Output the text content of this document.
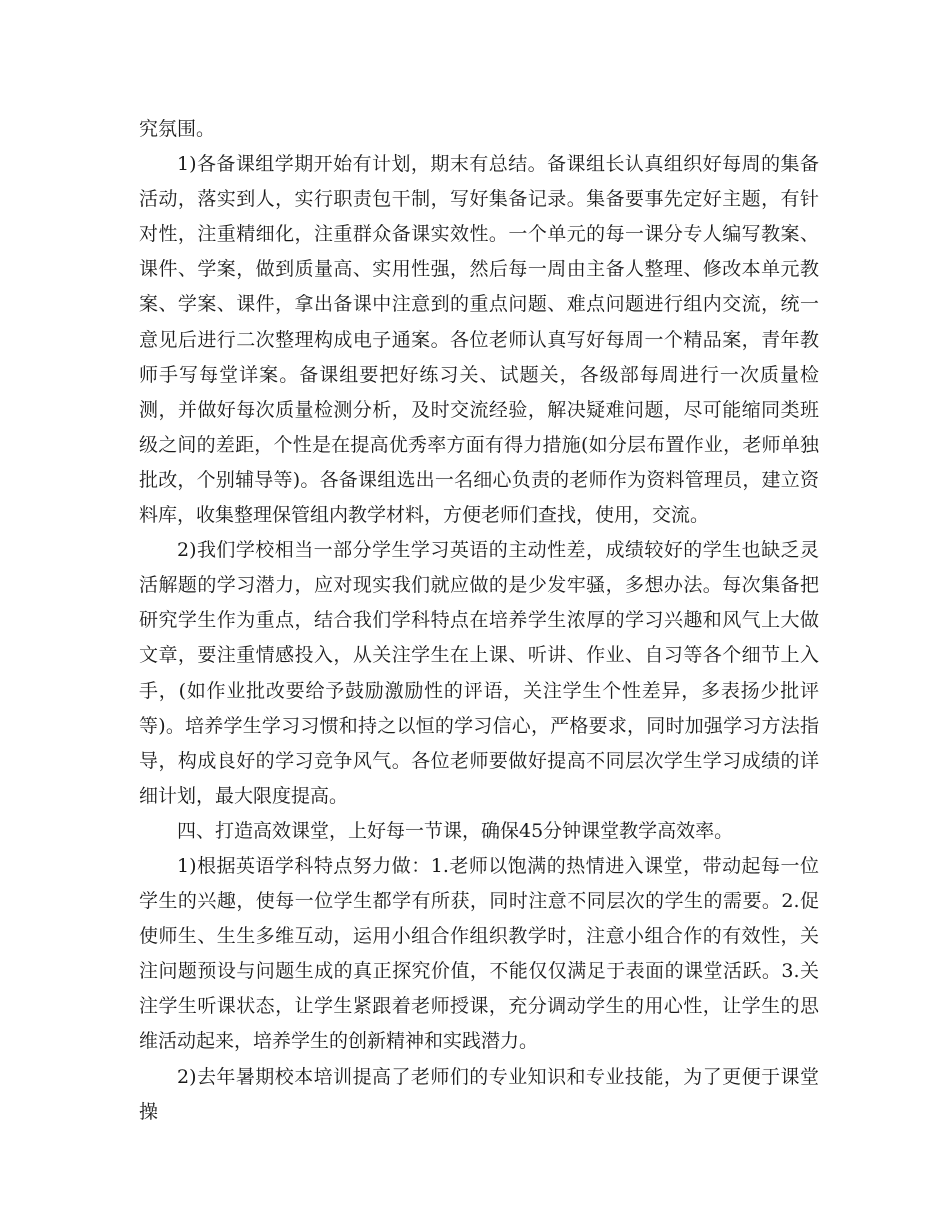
究氛围。

1)各备课组学期开始有计划，期末有总结。备课组长认真组织好每周的集备活动，落实到人，实行职责包干制，写好集备记录。集备要事先定好主题，有针对性，注重精细化，注重群众备课实效性。一个单元的每一课分专人编写教案、课件、学案，做到质量高、实用性强，然后每一周由主备人整理、修改本单元教案、学案、课件，拿出备课中注意到的重点问题、难点问题进行组内交流，统一意见后进行二次整理构成电子通案。各位老师认真写好每周一个精品案，青年教师手写每堂详案。备课组要把好练习关、试题关，各级部每周进行一次质量检测，并做好每次质量检测分析，及时交流经验，解决疑难问题，尽可能缩同类班级之间的差距，个性是在提高优秀率方面有得力措施(如分层布置作业，老师单独批改，个别辅导等)。各备课组选出一名细心负责的老师作为资料管理员，建立资料库，收集整理保管组内教学材料，方便老师们查找，使用，交流。

2)我们学校相当一部分学生学习英语的主动性差，成绩较好的学生也缺乏灵活解题的学习潜力，应对现实我们就应做的是少发牢骚，多想办法。每次集备把研究学生作为重点，结合我们学科特点在培养学生浓厚的学习兴趣和风气上大做文章，要注重情感投入，从关注学生在上课、听讲、作业、自习等各个细节上入手，(如作业批改要给予鼓励激励性的评语，关注学生个性差异，多表扬少批评等)。培养学生学习习惯和持之以恒的学习信心，严格要求，同时加强学习方法指导，构成良好的学习竞争风气。各位老师要做好提高不同层次学生学习成绩的详细计划，最大限度提高。

四、打造高效课堂，上好每一节课，确保45分钟课堂教学高效率。

1)根据英语学科特点努力做：1.老师以饱满的热情进入课堂，带动起每一位学生的兴趣，使每一位学生都学有所获，同时注意不同层次的学生的需要。2.促使师生、生生多维互动，运用小组合作组织教学时，注意小组合作的有效性，关注问题预设与问题生成的真正探究价值，不能仅仅满足于表面的课堂活跃。3.关注学生听课状态，让学生紧跟着老师授课，充分调动学生的用心性，让学生的思维活动起来，培养学生的创新精神和实践潜力。

2)去年暑期校本培训提高了老师们的专业知识和专业技能，为了更便于课堂操
